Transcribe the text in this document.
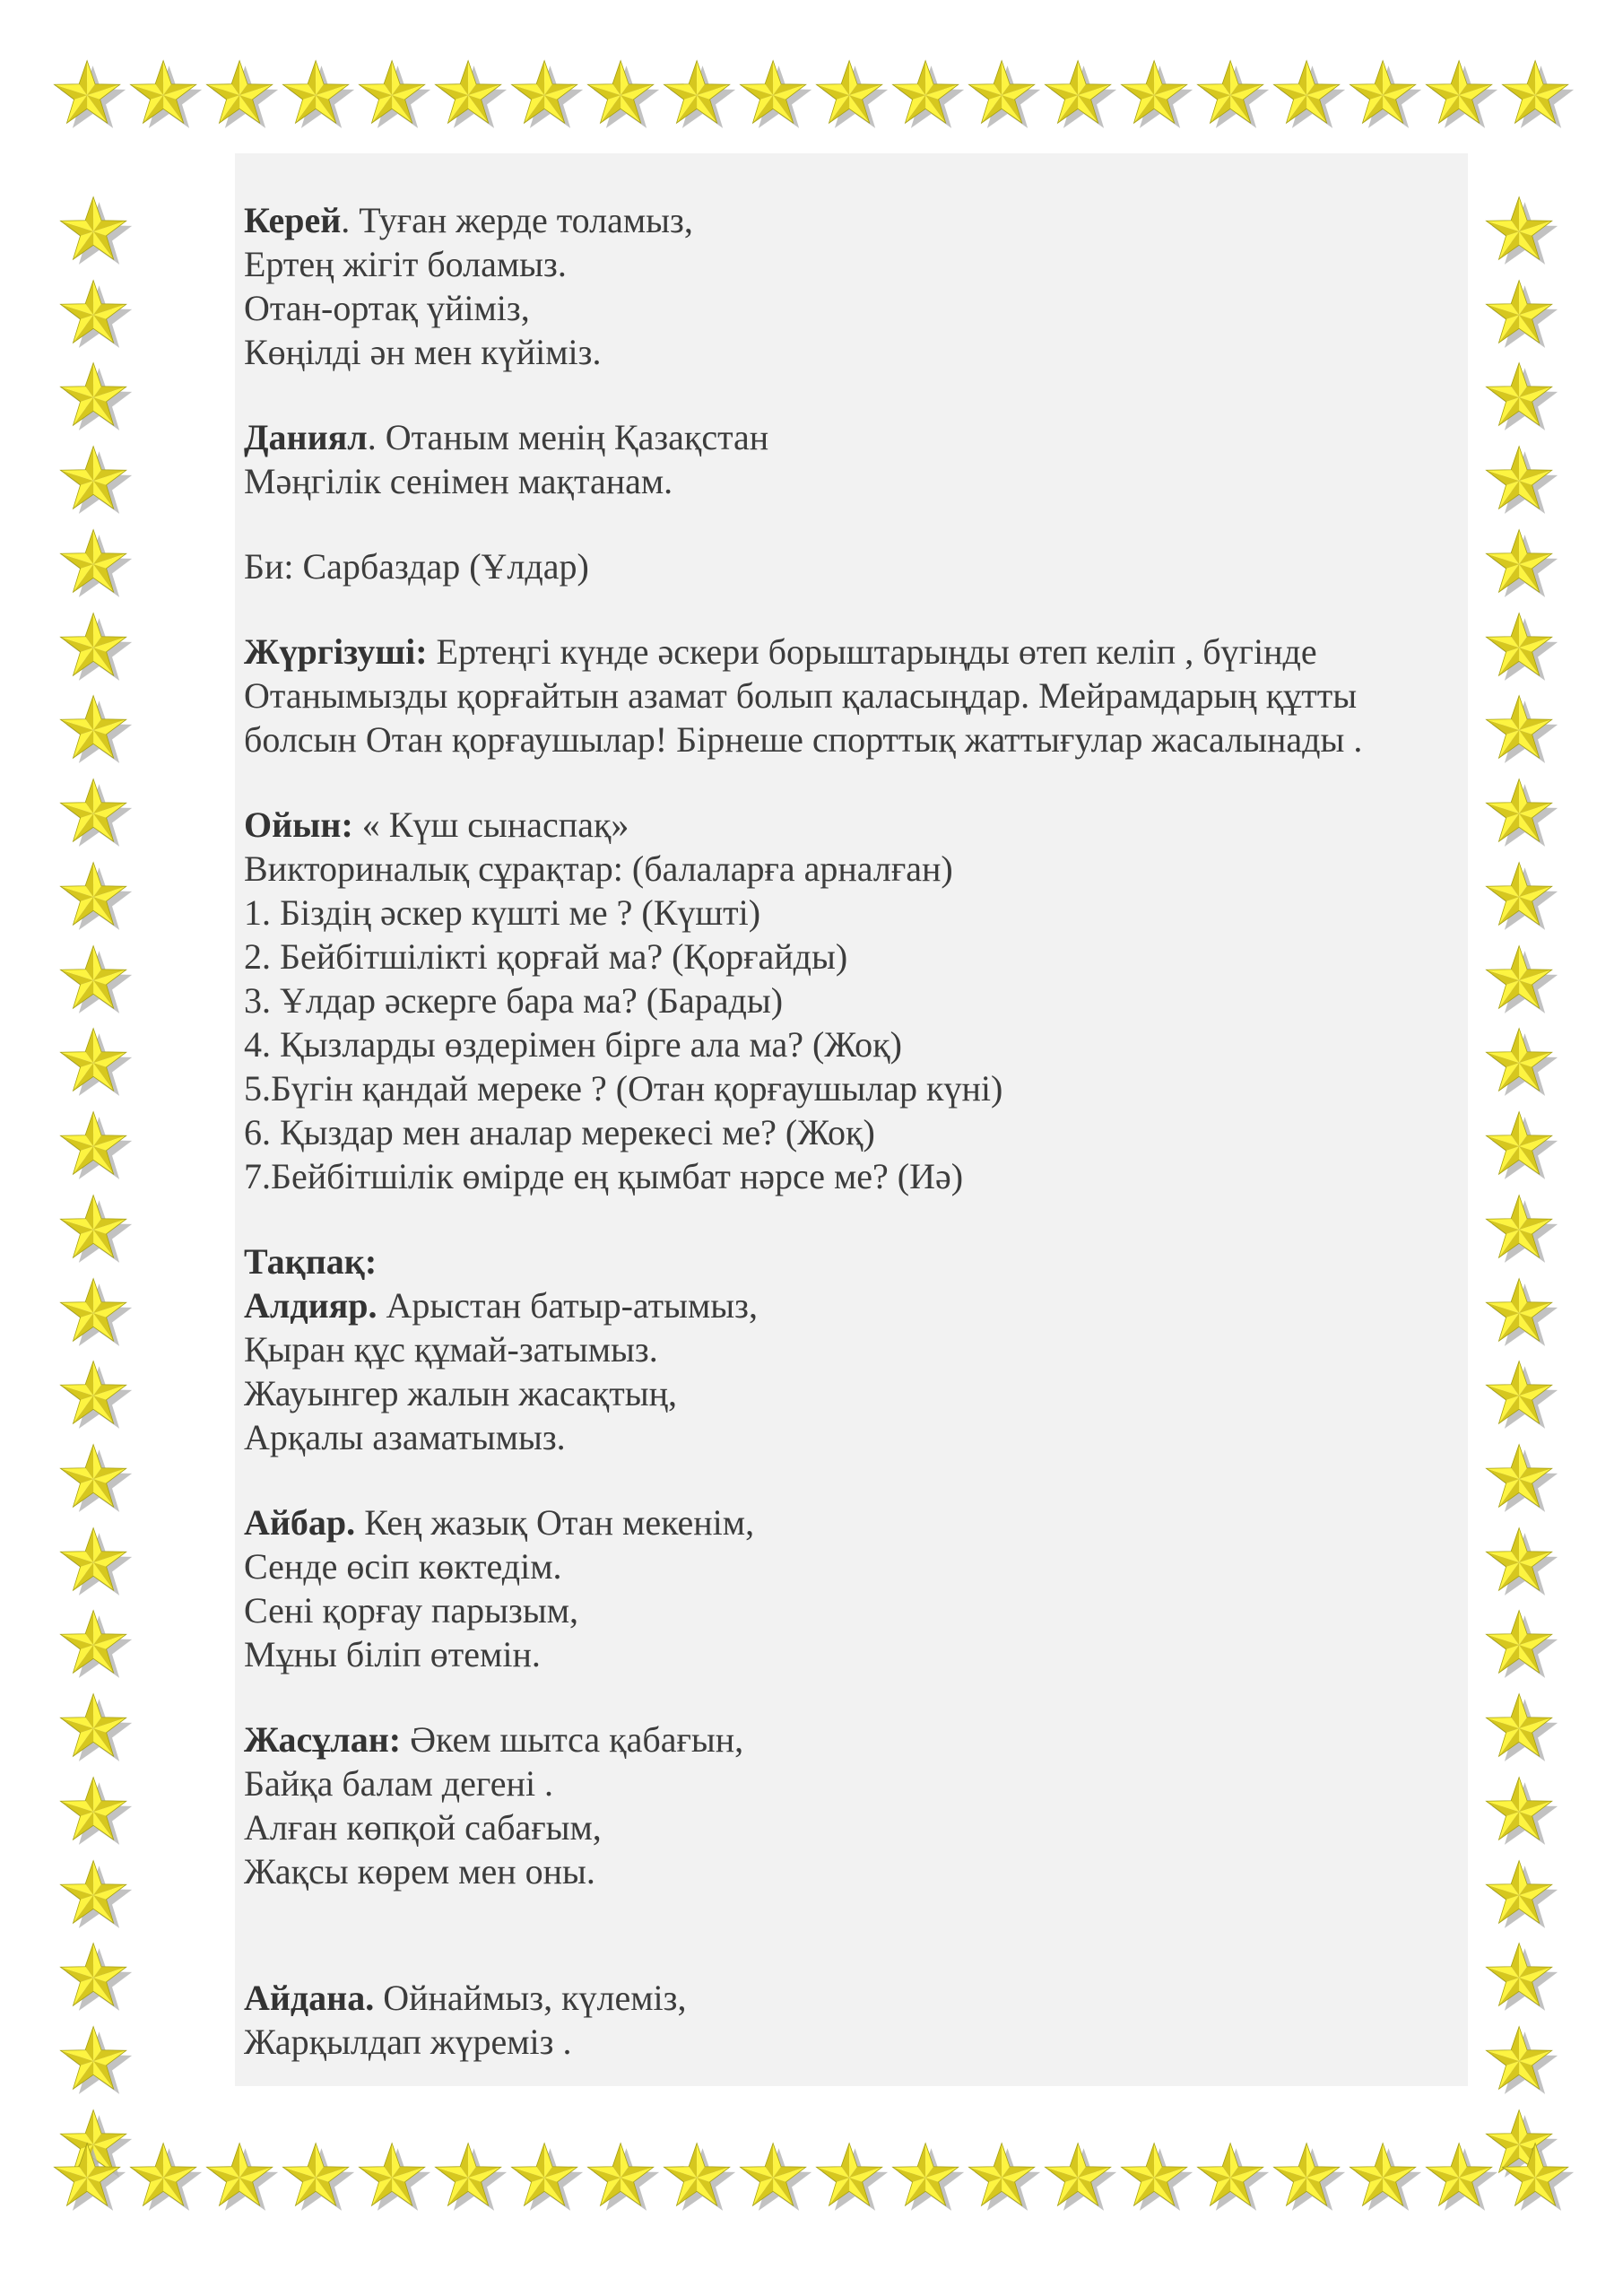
Керей. Туған жерде толамыз,
Ертең жігіт боламыз.
Отан-ортақ үйіміз,
Көңілді ән мен күйіміз.
Даниял. Отаным менің Қазақстан
Мәңгілік сенімен мақтанам.
Би: Сарбаздар (Ұлдар)
Жүргізуші: Ертеңгі күнде әскери борыштарыңды өтеп келіп , бүгінде
Отанымызды қорғайтын азамат болып қаласыңдар. Мейрамдарың құтты
болсын Отан қорғаушылар! Бірнеше спорттық жаттығулар жасалынады .
Ойын: « Күш сынаспақ»
Викториналық сұрақтар: (балаларға арналған)
1. Біздің әскер күшті ме ? (Күшті)
2. Бейбітшілікті қорғай ма? (Қорғайды)
3. Ұлдар әскерге бара ма? (Барады)
4. Қызларды өздерімен бірге ала ма? (Жоқ)
5.Бүгін қандай мереке ? (Отан қорғаушылар күні)
6. Қыздар мен аналар мерекесі ме? (Жоқ)
7.Бейбітшілік өмірде ең қымбат нәрсе ме? (Иә)
Тақпақ:
Алдияр. Арыстан батыр-атымыз,
Қыран құс құмай-затымыз.
Жауынгер жалын жасақтың,
Арқалы азаматымыз.
Айбар. Кең жазық Отан мекенім,
Сенде өсіп көктедім.
Сені қорғау парызым,
Мұны біліп өтемін.
Жасұлан: Әкем шытса қабағын,
Байқа балам дегені .
Алған көпқой сабағым,
Жақсы көрем мен оны.
Айдана. Ойнаймыз, күлеміз,
Жарқылдап жүреміз .
